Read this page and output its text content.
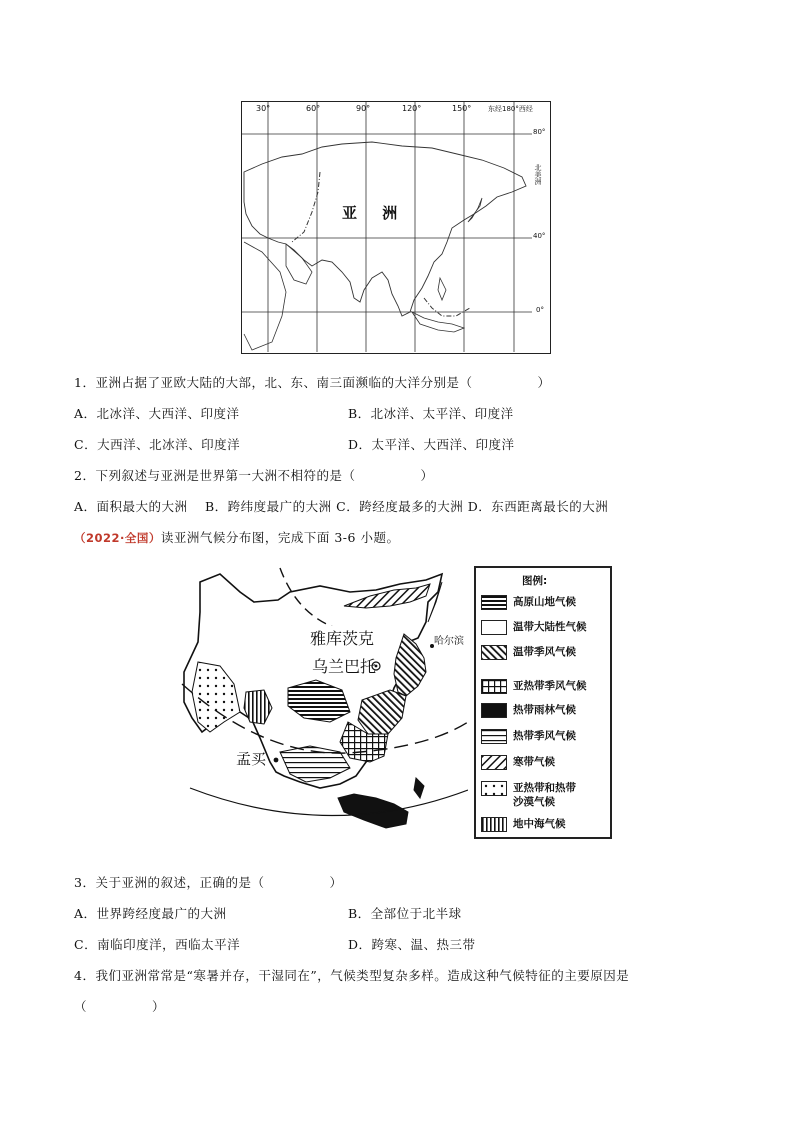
30°	60°	90°	120°	150° 东经180°西经
80°
40°
0°
亚 洲
北美洲
1．亚洲占据了亚欧大陆的大部，北、东、南三面濒临的大洋分别是（　　　　　）
A．北冰洋、大西洋、印度洋	B．北冰洋、太平洋、印度洋
C．大西洋、北冰洋、印度洋	D．太平洋、大西洋、印度洋
2．下列叙述与亚洲是世界第一大洲不相符的是（　　　　　）
A．面积最大的大洲　 B．跨纬度最广的大洲 C．跨经度最多的大洲 D．东西距离最长的大洲
（2022·全国）读亚洲气候分布图，完成下面 3-6 小题。
雅库茨克
乌兰巴托
孟买
哈尔滨
图例:
高原山地气候
温带大陆性气候
温带季风气候
亚热带季风气候
热带雨林气候
热带季风气候
寒带气候
亚热带和热带
沙漠气候
地中海气候
3．关于亚洲的叙述，正确的是（　　　　　）
A．世界跨经度最广的大洲	B．全部位于北半球
C．南临印度洋，西临太平洋	D．跨寒、温、热三带
4．我们亚洲常常是“寒暑并存，干湿同在”，气候类型复杂多样。造成这种气候特征的主要原因是
（　　　　　）
